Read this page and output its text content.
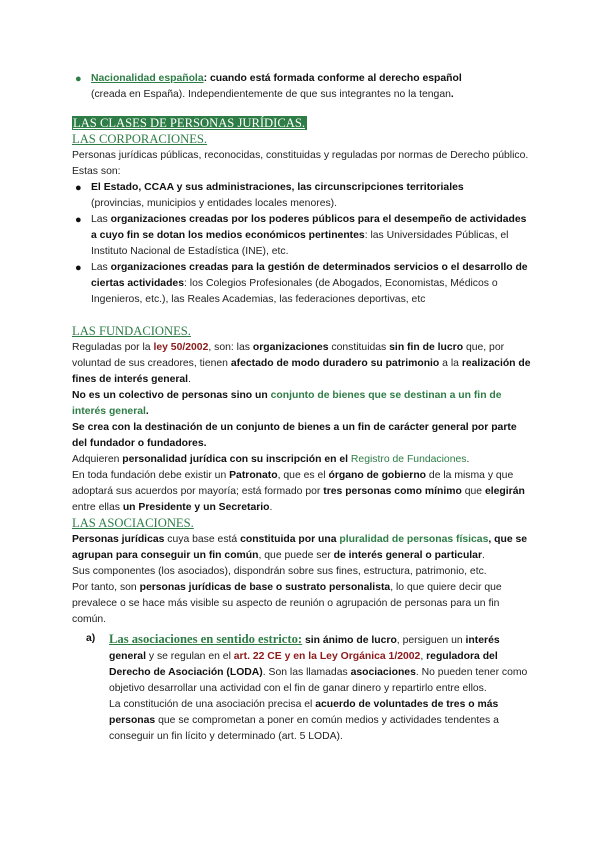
● Nacionalidad española: cuando está formada conforme al derecho español
(creada en España). Independientemente de que sus integrantes no la tengan.
LAS CLASES DE PERSONAS JURÍDICAS.
LAS CORPORACIONES.
Personas jurídicas públicas, reconocidas, constituidas y reguladas por normas de Derecho público. Estas son:
● El Estado, CCAA y sus administraciones, las circunscripciones territoriales
(provincias, municipios y entidades locales menores).
● Las organizaciones creadas por los poderes públicos para el desempeño de actividades a cuyo fin se dotan los medios económicos pertinentes: las Universidades Públicas, el Instituto Nacional de Estadística (INE), etc.
● Las organizaciones creadas para la gestión de determinados servicios o el desarrollo de ciertas actividades: los Colegios Profesionales (de Abogados, Economistas, Médicos o Ingenieros, etc.), las Reales Academias, las federaciones deportivas, etc
LAS FUNDACIONES.
Reguladas por la ley 50/2002, son: las organizaciones constituidas sin fin de lucro que, por voluntad de sus creadores, tienen afectado de modo duradero su patrimonio a la realización de fines de interés general.
No es un colectivo de personas sino un conjunto de bienes que se destinan a un fin de interés general.
Se crea con la destinación de un conjunto de bienes a un fin de carácter general por parte del fundador o fundadores.
Adquieren personalidad jurídica con su inscripción en el Registro de Fundaciones.
En toda fundación debe existir un Patronato, que es el órgano de gobierno de la misma y que adoptará sus acuerdos por mayoría; está formado por tres personas como mínimo que elegirán entre ellas un Presidente y un Secretario.
LAS ASOCIACIONES.
Personas jurídicas cuya base está constituida por una pluralidad de personas físicas, que se agrupan para conseguir un fin común, que puede ser de interés general o particular.
Sus componentes (los asociados), dispondrán sobre sus fines, estructura, patrimonio, etc.
Por tanto, son personas jurídicas de base o sustrato personalista, lo que quiere decir que prevalece o se hace más visible su aspecto de reunión o agrupación de personas para un fin común.
a) Las asociaciones en sentido estricto: sin ánimo de lucro, persiguen un interés general y se regulan en el art. 22 CE y en la Ley Orgánica 1/2002, reguladora del Derecho de Asociación (LODA). Son las llamadas asociaciones. No pueden tener como objetivo desarrollar una actividad con el fin de ganar dinero y repartirlo entre ellos.
La constitución de una asociación precisa el acuerdo de voluntades de tres o más personas que se comprometan a poner en común medios y actividades tendentes a conseguir un fin lícito y determinado (art. 5 LODA).
